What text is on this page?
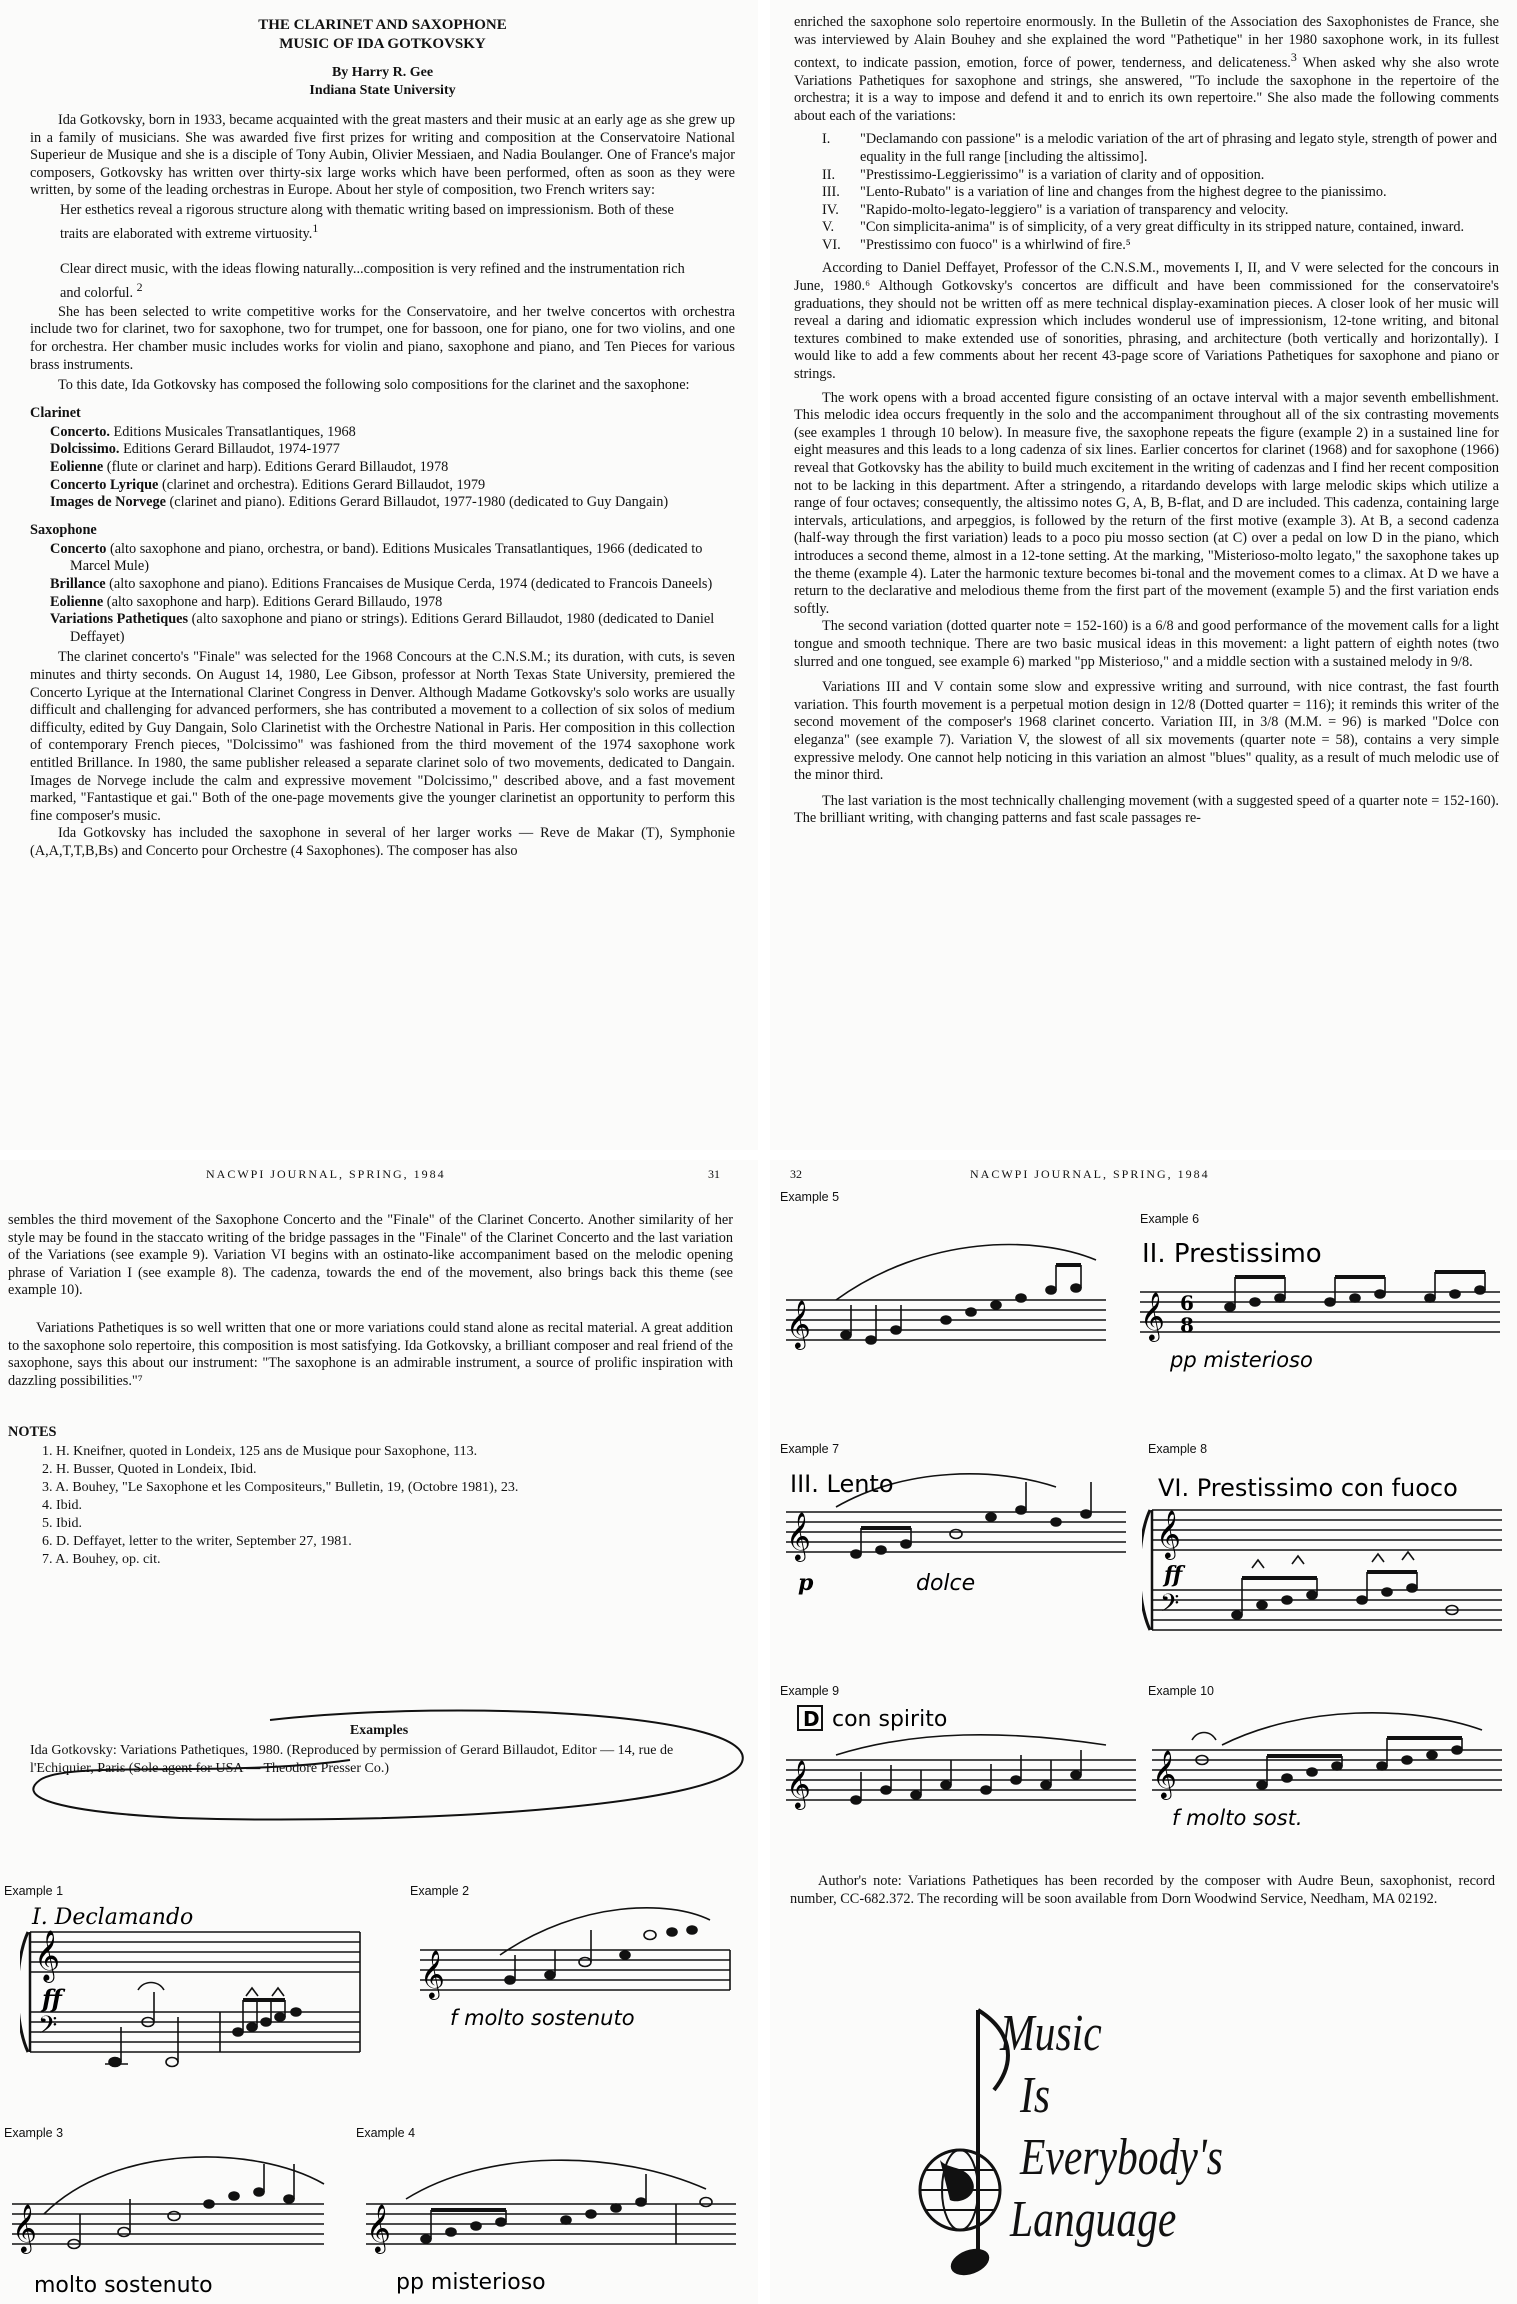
THE CLARINET AND SAXOPHONE
MUSIC OF IDA GOTKOVSKY
By Harry R. Gee
Indiana State University

Ida Gotkovsky, born in 1933, became acquainted with the great masters and their music at an early age as she grew up in a family of musicians. She was awarded five first prizes for writing and composition at the Conservatoire National Superieur de Musique and she is a disciple of Tony Aubin, Olivier Messiaen, and Nadia Boulanger. One of France's major composers, Gotkovsky has written over thirty-six large works which have been performed, often as soon as they were written, by some of the leading orchestras in Europe. About her style of composition, two French writers say:

Her esthetics reveal a rigorous structure along with thematic writing based on impressionism. Both of these traits are elaborated with extreme virtuosity.$^1$

Clear direct music, with the ideas flowing naturally...composition is very refined and the instrumentation rich and colorful. $^2$

She has been selected to write competitive works for the Conservatoire, and her twelve concertos with orchestra include two for clarinet, two for saxophone, two for trumpet, one for bassoon, one for piano, one for two violins, and one for orchestra. Her chamber music includes works for violin and piano, saxophone and piano, and Ten Pieces for various brass instruments.

To this date, Ida Gotkovsky has composed the following solo compositions for the clarinet and the saxophone:

Clarinet

Concerto. Editions Musicales Transatlantiques, 1968

Dolcissimo. Editions Gerard Billaudot, 1974-1977

Eolienne (flute or clarinet and harp). Editions Gerard Billaudot, 1978

Concerto Lyrique (clarinet and orchestra). Editions Gerard Billaudot, 1979

Images de Norvege (clarinet and piano). Editions Gerard Billaudot, 1977-1980 (dedicated to Guy Dangain)

Saxophone

Concerto (alto saxophone and piano, orchestra, or band). Editions Musicales Transatlantiques, 1966 (dedicated to Marcel Mule)

Brillance (alto saxophone and piano). Editions Francaises de Musique Cerda, 1974 (dedicated to Francois Daneels)

Eolienne (alto saxophone and harp). Editions Gerard Billaudo, 1978

Variations Pathetiques (alto saxophone and piano or strings). Editions Gerard Billaudot, 1980 (dedicated to Daniel Deffayet)

The clarinet concerto's "Finale" was selected for the 1968 Concours at the C.N.S.M.; its duration, with cuts, is seven minutes and thirty seconds. On August 14, 1980, Lee Gibson, professor at North Texas State University, premiered the Concerto Lyrique at the International Clarinet Congress in Denver. Although Madame Gotkovsky's solo works are usually difficult and challenging for advanced performers, she has contributed a movement to a collection of six solos of medium difficulty, edited by Guy Dangain, Solo Clarinetist with the Orchestre National in Paris. Her composition in this collection of contemporary French pieces, "Dolcissimo" was fashioned from the third movement of the 1974 saxophone work entitled Brillance. In 1980, the same publisher released a separate clarinet solo of two movements, dedicated to Dangain. Images de Norvege include the calm and expressive movement "Dolcissimo," described above, and a fast movement marked, "Fantastique et gai." Both of the one-page movements give the younger clarinetist an opportunity to perform this fine composer's music.

Ida Gotkovsky has included the saxophone in several of her larger works — Reve de Makar (T), Symphonie (A,A,T,T,B,Bs) and Concerto pour Orchestre (4 Saxophones). The composer has also

enriched the saxophone solo repertoire enormously. In the Bulletin of the Association des Saxophonistes de France, she was interviewed by Alain Bouhey and she explained the word "Pathetique" in her 1980 saxophone work, in its fullest context, to indicate passion, emotion, force of power, tenderness, and delicateness.$^3$ When asked why she also wrote Variations Pathetiques for saxophone and strings, she answered, "To include the saxophone in the repertoire of the orchestra; it is a way to impose and defend it and to enrich its own repertoire." She also made the following comments about each of the variations:

I. "Declamando con passione" is a melodic variation of the art of phrasing and legato style, strength of power and equality in the full range [including the altissimo].
II. "Prestissimo-Leggierissimo" is a variation of clarity and of opposition.
III. "Lento-Rubato" is a variation of line and changes from the highest degree to the pianissimo.
IV. "Rapido-molto-legato-leggiero" is a variation of transparency and velocity.
V. "Con simplicita-anima" is of simplicity, of a very great difficulty in its stripped nature, contained, inward.
VI. "Prestissimo con fuoco" is a whirlwind of fire.⁵

According to Daniel Deffayet, Professor of the C.N.S.M., movements I, II, and V were selected for the concours in June, 1980.⁶ Although Gotkovsky's concertos are difficult and have been commissioned for the conservatoire's graduations, they should not be written off as mere technical display-examination pieces. A closer look of her music will reveal a daring and idiomatic expression which includes wonderul use of impressionism, 12-tone writing, and bitonal textures combined to make extended use of sonorities, phrasing, and architecture (both vertically and horizontally). I would like to add a few comments about her recent 43-page score of Variations Pathetiques for saxophone and piano or strings.

The work opens with a broad accented figure consisting of an octave interval with a major seventh embellishment. This melodic idea occurs frequently in the solo and the accompaniment throughout all of the six contrasting movements (see examples 1 through 10 below). In measure five, the saxophone repeats the figure (example 2) in a sustained line for eight measures and this leads to a long cadenza of six lines. Earlier concertos for clarinet (1968) and for saxophone (1966) reveal that Gotkovsky has the ability to build much excitement in the writing of cadenzas and I find her recent composition not to be lacking in this department. After a stringendo, a ritardando develops with large melodic skips which utilize a range of four octaves; consequently, the altissimo notes G, A, B, B-flat, and D are included. This cadenza, containing large intervals, articulations, and arpeggios, is followed by the return of the first motive (example 3). At B, a second cadenza (half-way through the first variation) leads to a poco piu mosso section (at C) over a pedal on low D in the piano, which introduces a second theme, almost in a 12-tone setting. At the marking, "Misterioso-molto legato," the saxophone takes up the theme (example 4). Later the harmonic texture becomes bi-tonal and the movement comes to a climax. At D we have a return to the declarative and melodious theme from the first part of the movement (example 5) and the first variation ends softly.

The second variation (dotted quarter note = 152-160) is a 6/8 and good performance of the movement calls for a light tongue and smooth technique. There are two basic musical ideas in this movement: a light pattern of eighth notes (two slurred and one tongued, see example 6) marked "pp Misterioso," and a middle section with a sustained melody in 9/8.

Variations III and V contain some slow and expressive writing and surround, with nice contrast, the fast fourth variation. This fourth movement is a perpetual motion design in 12/8 (Dotted quarter = 116); it reminds this writer of the second movement of the composer's 1968 clarinet concerto. Variation III, in 3/8 (M.M. = 96) is marked "Dolce con eleganza" (see example 7). Variation V, the slowest of all six movements (quarter note = 58), contains a very simple expressive melody. One cannot help noticing in this variation an almost "blues" quality, as a result of much melodic use of the minor third.

The last variation is the most technically challenging movement (with a suggested speed of a quarter note = 152-160). The brilliant writing, with changing patterns and fast scale passages re-

NACWPI JOURNAL, SPRING, 1984	31

sembles the third movement of the Saxophone Concerto and the "Finale" of the Clarinet Concerto. Another similarity of her style may be found in the staccato writing of the bridge passages in the "Finale" of the Clarinet Concerto and the last variation of the Variations (see example 9). Variation VI begins with an ostinato-like accompaniment based on the melodic opening phrase of Variation I (see example 8). The cadenza, towards the end of the movement, also brings back this theme (see example 10).

Variations Pathetiques is so well written that one or more variations could stand alone as recital material. A great addition to the saxophone solo repertoire, this composition is most satisfying. Ida Gotkovsky, a brilliant composer and real friend of the saxophone, says this about our instrument: "The saxophone is an admirable instrument, a source of prolific inspiration with dazzling possibilities."⁷

NOTES
1. H. Kneifner, quoted in Londeix, 125 ans de Musique pour Saxophone, 113.
2. H. Busser, Quoted in Londeix, Ibid.
3. A. Bouhey, "Le Saxophone et les Compositeurs," Bulletin, 19, (Octobre 1981), 23.
4. Ibid.
5. Ibid.
6. D. Deffayet, letter to the writer, September 27, 1981.
7. A. Bouhey, op. cit.
Examples
Ida Gotkovsky: Variations Pathetiques, 1980. (Reproduced by permission of Gerard Billaudot, Editor — 14, rue de l'Echiquier, Paris (Sole agent for USA — Theodore Presser Co.)
Example 1
𝄞
𝄢
I. Declamando
ff
Example 2
𝄞
f molto sostenuto
Example 3
𝄞
molto sostenuto
Example 4
𝄞
pp misterioso
32	NACWPI JOURNAL, SPRING, 1984
Example 5
𝄞
Example 6
𝄞 6
8
II. Prestissimo
pp misterioso
Example 7
𝄞
III. Lento
p	dolce
Example 8
𝄞
𝄢
VI. Prestissimo con fuoco
ff
Example 9
D con spirito
𝄞
Example 10
𝄞
f molto sost.
Author's note: Variations Pathetiques has been recorded by the composer with Audre Beun, saxophonist, record number, CC-682.372. The recording will be soon available from Dorn Woodwind Service, Needham, MA 02192.
Music
Is
Everybody's
Language
